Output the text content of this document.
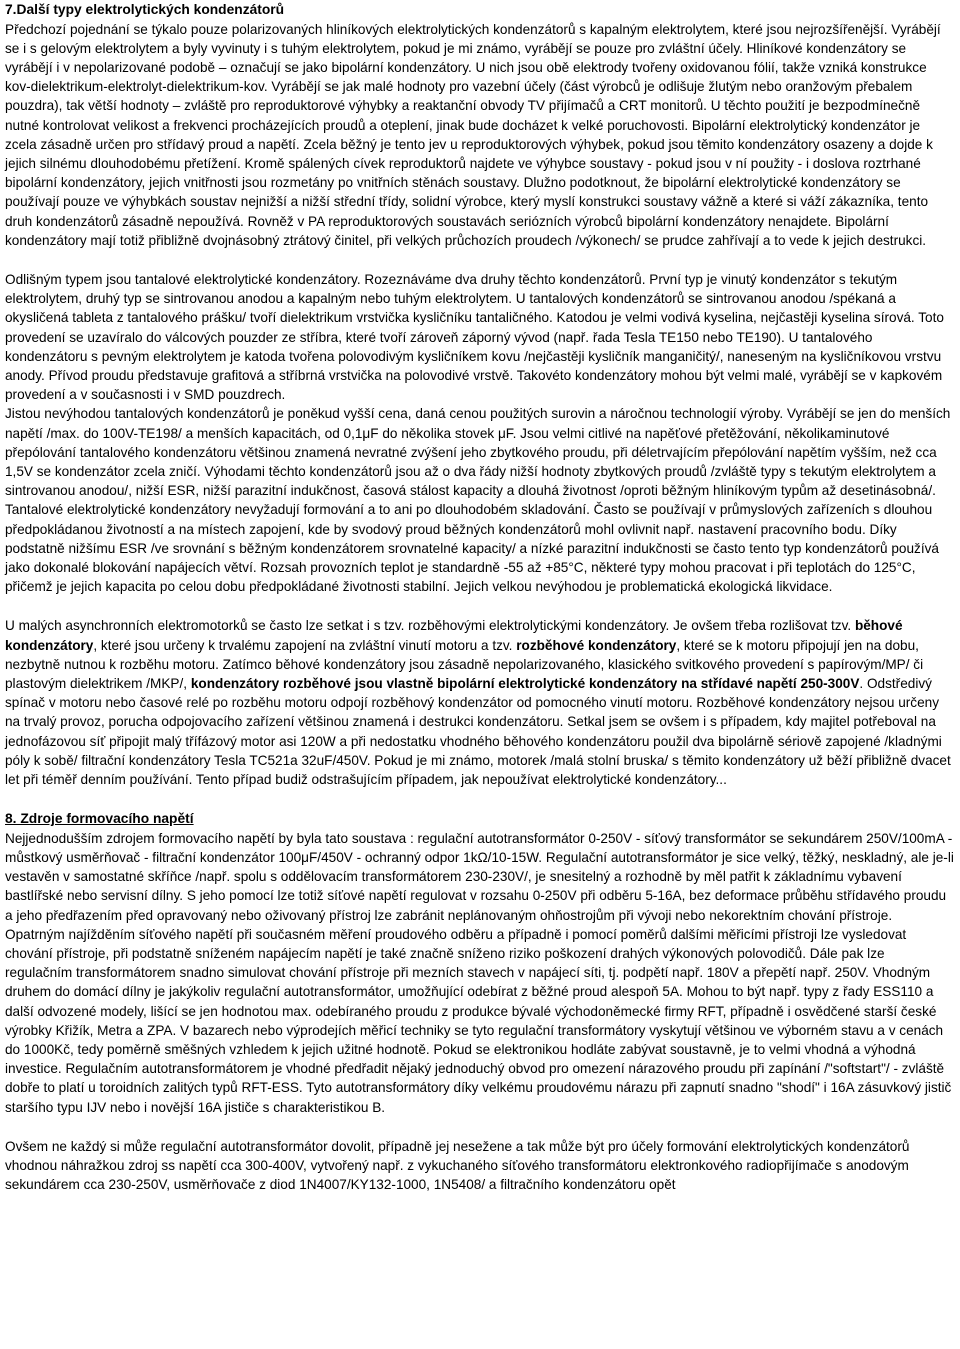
7.Další typy elektrolytických kondenzátorů

Předchozí pojednání se týkalo pouze polarizovaných hliníkových elektrolytických kondenzátorů s kapalným elektrolytem, které jsou nejrozšířenější. Vyrábějí se i s gelovým elektrolytem a byly vyvinuty i s tuhým elektrolytem, pokud je mi známo, vyrábějí se pouze pro zvláštní účely. Hliníkové kondenzátory se vyrábějí i v nepolarizované podobě – označují se jako bipolární kondenzátory. U nich jsou obě elektrody tvořeny oxidovanou fólií, takže vzniká konstrukce kov-dielektrikum-elektrolyt-dielektrikum-kov. Vyrábějí se jak malé hodnoty pro vazební účely (část výrobců je odlišuje žlutým nebo oranžovým přebalem pouzdra), tak větší hodnoty – zvláště pro reproduktorové výhybky a reaktanční obvody TV přijímačů a CRT monitorů. U těchto použití je bezpodmínečně nutné kontrolovat velikost a frekvenci procházejících proudů a oteplení, jinak bude docházet k velké poruchovosti. Bipolární elektrolytický kondenzátor je zcela zásadně určen pro střídavý proud a napětí. Zcela běžný je tento jev u reproduktorových výhybek, pokud jsou těmito kondenzátory osazeny a dojde k jejich silnému dlouhodobému přetížení. Kromě spálených cívek reproduktorů najdete ve výhybce soustavy - pokud jsou v ní použity - i doslova roztrhané bipolární kondenzátory, jejich vnitřnosti jsou rozmetány po vnitřních stěnách soustavy. Dlužno podotknout, že bipolární elektrolytické kondenzátory se používají pouze ve výhybkách soustav nejnižší a nižší střední třídy, solidní výrobce, který myslí konstrukci soustavy vážně a které si váží zákazníka, tento druh kondenzátorů zásadně nepoužívá. Rovněž v PA reproduktorových soustavách seriózních výrobců bipolární kondenzátory nenajdete. Bipolární kondenzátory mají totiž přibližně dvojnásobný ztrátový činitel, při velkých průchozích proudech /výkonech/ se prudce zahřívají a to vede k jejich destrukci.

Odlišným typem jsou tantalové elektrolytické kondenzátory. Rozeznáváme dva druhy těchto kondenzátorů. První typ je vinutý kondenzátor s tekutým elektrolytem, druhý typ se sintrovanou anodou a kapalným nebo tuhým elektrolytem. U tantalových kondenzátorů se sintrovanou anodou /spékaná a okysličená tableta z tantalového prášku/ tvoří dielektrikum vrstvička kysličníku tantaličného. Katodou je velmi vodivá kyselina, nejčastěji kyselina sírová. Toto provedení se uzavíralo do válcových pouzder ze stříbra, které tvoří zároveň záporný vývod (např. řada Tesla TE150 nebo TE190). U tantalového kondenzátoru s pevným elektrolytem je katoda tvořena polovodivým kysličníkem kovu /nejčastěji kysličník manganičitý/, naneseným na kysličníkovou vrstvu anody. Přívod proudu představuje grafitová a stříbrná vrstvička na polovodivé vrstvě. Takovéto kondenzátory mohou být velmi malé, vyrábějí se v kapkovém provedení a v současnosti i v SMD pouzdrech.

Jistou nevýhodou tantalových kondenzátorů je poněkud vyšší cena, daná cenou použitých surovin a náročnou technologií výroby. Vyrábějí se jen do menších napětí /max. do 100V-TE198/ a menších kapacitách, od 0,1μF do několika stovek μF. Jsou velmi citlivé na napěťové přetěžování, několikaminutové přepólování tantalového kondenzátoru většinou znamená nevratné zvýšení jeho zbytkového proudu, při déletrvajícím přepólování napětím vyšším, než cca 1,5V se kondenzátor zcela zničí. Výhodami těchto kondenzátorů jsou až o dva řády nižší hodnoty zbytkových proudů /zvláště typy s tekutým elektrolytem a sintrovanou anodou/, nižší ESR, nižší parazitní indukčnost, časová stálost kapacity a dlouhá životnost /oproti běžným hliníkovým typům až desetinásobná/. Tantalové elektrolytické kondenzátory nevyžadují formování a to ani po dlouhodobém skladování. Často se používají v průmyslových zařízeních s dlouhou předpokládanou životností a na místech zapojení, kde by svodový proud běžných kondenzátorů mohl ovlivnit např. nastavení pracovního bodu. Díky podstatně nižšímu ESR /ve srovnání s běžným kondenzátorem srovnatelné kapacity/ a nízké parazitní indukčnosti se často tento typ kondenzátorů používá jako dokonalé blokování napájecích větví. Rozsah provozních teplot je standardně -55 až +85°C, některé typy mohou pracovat i při teplotách do 125°C, přičemž je jejich kapacita po celou dobu předpokládané životnosti stabilní. Jejich velkou nevýhodou je problematická ekologická likvidace.

U malých asynchronních elektromotorků se často lze setkat i s tzv. rozběhovými elektrolytickými kondenzátory. Je ovšem třeba rozlišovat tzv. běhové kondenzátory, které jsou určeny k trvalému zapojení na zvláštní vinutí motoru a tzv. rozběhové kondenzátory, které se k motoru připojují jen na dobu, nezbytně nutnou k rozběhu motoru. Zatímco běhové kondenzátory jsou zásadně nepolarizovaného, klasického svitkového provedení s papírovým/MP/ či plastovým dielektrikem /MKP/, kondenzátory rozběhové jsou vlastně bipolární elektrolytické kondenzátory na střídavé napětí 250-300V. Odstředivý spínač v motoru nebo časové relé po rozběhu motoru odpojí rozběhový kondenzátor od pomocného vinutí motoru. Rozběhové kondenzátory nejsou určeny na trvalý provoz, porucha odpojovacího zařízení většinou znamená i destrukci kondenzátoru. Setkal jsem se ovšem i s případem, kdy majitel potřeboval na jednofázovou síť připojit malý třífázový motor asi 120W a při nedostatku vhodného běhového kondenzátoru použil dva bipolárně sériově zapojené /kladnými póly k sobě/ filtrační kondenzátory Tesla TC521a 32uF/450V. Pokud je mi známo, motorek /malá stolní bruska/ s těmito kondenzátory už běží přibližně dvacet let při téměř denním používání. Tento případ budiž odstrašujícím případem, jak nepoužívat elektrolytické kondenzátory...

8. Zdroje formovacího napětí

Nejjednodušším zdrojem formovacího napětí by byla tato soustava : regulační autotransformátor 0-250V - síťový transformátor se sekundárem 250V/100mA - můstkový usměrňovač - filtrační kondenzátor 100μF/450V - ochranný odpor 1kΩ/10-15W. Regulační autotransformátor je sice velký, těžký, neskladný, ale je-li vestavěn v samostatné skříňce /např. spolu s oddělovacím transformátorem 230-230V/, je snesitelný a rozhodně by měl patřit k základnímu vybavení bastlířské nebo servisní dílny. S jeho pomocí lze totiž síťové napětí regulovat v rozsahu 0-250V při odběru 5-16A, bez deformace průběhu střídavého proudu a jeho předřazením před opravovaný nebo oživovaný přístroj lze zabránit neplánovaným ohňostrojům při vývoji nebo nekorektním chování přístroje. Opatrným najížděním síťového napětí při současném měření proudového odběru a případně i pomocí poměrů dalšími měřicími přístroji lze vysledovat chování přístroje, při podstatně sníženém napájecím napětí je také značně sníženo riziko poškození drahých výkonových polovodičů. Dále pak lze regulačním transformátorem snadno simulovat chování přístroje při mezních stavech v napájecí síti, tj. podpětí např. 180V a přepětí např. 250V. Vhodným druhem do domácí dílny je jakýkoliv regulační autotransformátor, umožňující odebírat z běžné proud alespoň 5A. Mohou to být např. typy z řady ESS110 a další odvozené modely, lišící se jen hodnotou max. odebíraného proudu z produkce bývalé východoněmecké firmy RFT, případně i osvědčené starší české výrobky Křižík, Metra a ZPA. V bazarech nebo výprodejích měřicí techniky se tyto regulační transformátory vyskytují většinou ve výborném stavu a v cenách do 1000Kč, tedy poměrně směšných vzhledem k jejich užitné hodnotě. Pokud se elektronikou hodláte zabývat soustavně, je to velmi vhodná a výhodná investice. Regulačním autotransformátorem je vhodné předřadit nějaký jednoduchý obvod pro omezení nárazového proudu při zapínání /"softstart"/ - zvláště dobře to platí u toroidních zalitých typů RFT-ESS. Tyto autotransformátory díky velkému proudovému nárazu při zapnutí snadno "shodí" i 16A zásuvkový jistič staršího typu IJV nebo i novější 16A jističe s charakteristikou B.

Ovšem ne každý si může regulační autotransformátor dovolit, případně jej nesežene a tak může být pro účely formování elektrolytických kondenzátorů vhodnou náhražkou zdroj ss napětí cca 300-400V, vytvořený např. z vykuchaného síťového transformátoru elektronkového radiopřijímače s anodovým sekundárem cca 230-250V, usměrňovače z diod 1N4007/KY132-1000, 1N5408/ a filtračního kondenzátoru opět
